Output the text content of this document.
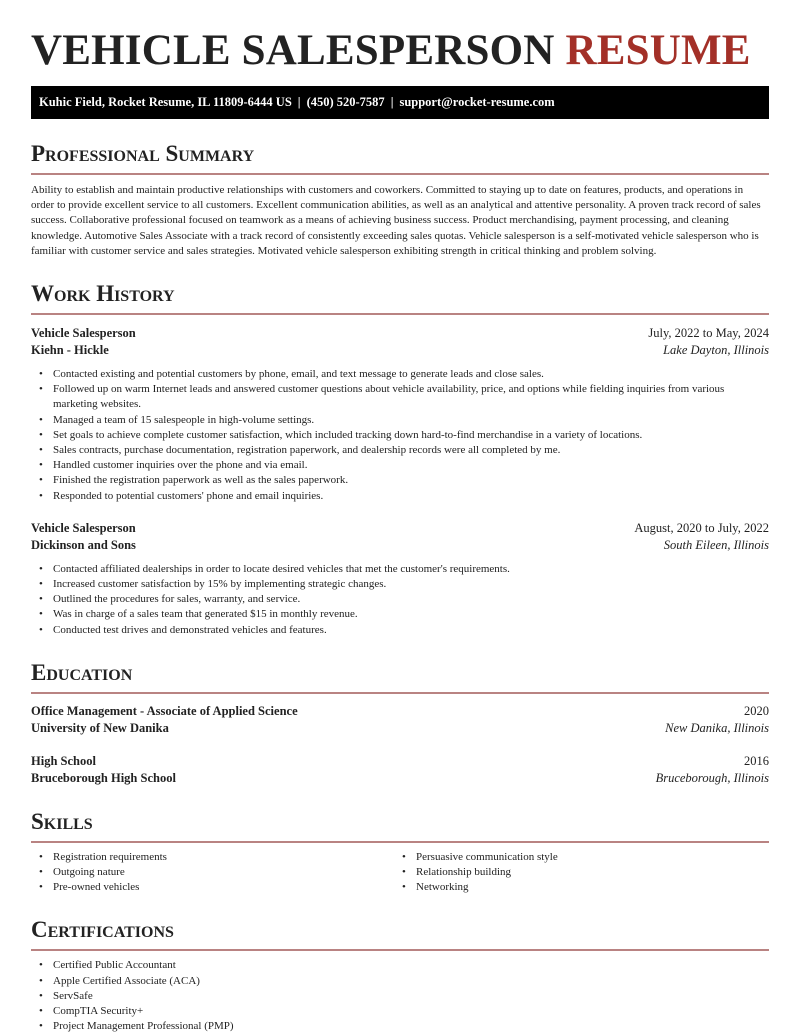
VEHICLE SALESPERSON RESUME
Kuhic Field, Rocket Resume, IL 11809-6444 US | (450) 520-7587 | support@rocket-resume.com
Professional Summary

Ability to establish and maintain productive relationships with customers and coworkers. Committed to staying up to date on features, products, and operations in order to provide excellent service to all customers. Excellent communication abilities, as well as an analytical and attentive personality. A proven track record of sales success. Collaborative professional focused on teamwork as a means of achieving business success. Product merchandising, payment processing, and cleaning knowledge. Automotive Sales Associate with a track record of consistently exceeding sales quotas. Vehicle salesperson is a self-motivated vehicle salesperson who is familiar with customer service and sales strategies. Motivated vehicle salesperson exhibiting strength in critical thinking and problem solving.

Work History
Vehicle Salesperson	July, 2022 to May, 2024
Kiehn - Hickle	Lake Dayton, Illinois
• Contacted existing and potential customers by phone, email, and text message to generate leads and close sales.
• Followed up on warm Internet leads and answered customer questions about vehicle availability, price, and options while fielding inquiries from various marketing websites.
• Managed a team of 15 salespeople in high-volume settings.
• Set goals to achieve complete customer satisfaction, which included tracking down hard-to-find merchandise in a variety of locations.
• Sales contracts, purchase documentation, registration paperwork, and dealership records were all completed by me.
• Handled customer inquiries over the phone and via email.
• Finished the registration paperwork as well as the sales paperwork.
• Responded to potential customers' phone and email inquiries.
Vehicle Salesperson	August, 2020 to July, 2022
Dickinson and Sons	South Eileen, Illinois
• Contacted affiliated dealerships in order to locate desired vehicles that met the customer's requirements.
• Increased customer satisfaction by 15% by implementing strategic changes.
• Outlined the procedures for sales, warranty, and service.
• Was in charge of a sales team that generated $15 in monthly revenue.
• Conducted test drives and demonstrated vehicles and features.
Education
Office Management - Associate of Applied Science	2020
University of New Danika	New Danika, Illinois
High School	2016
Bruceborough High School	Bruceborough, Illinois
Skills
• Registration requirements
• Outgoing nature
• Pre-owned vehicles
• Persuasive communication style
• Relationship building
• Networking
Certifications
• Certified Public Accountant
• Apple Certified Associate (ACA)
• ServSafe
• CompTIA Security+
• Project Management Professional (PMP)
